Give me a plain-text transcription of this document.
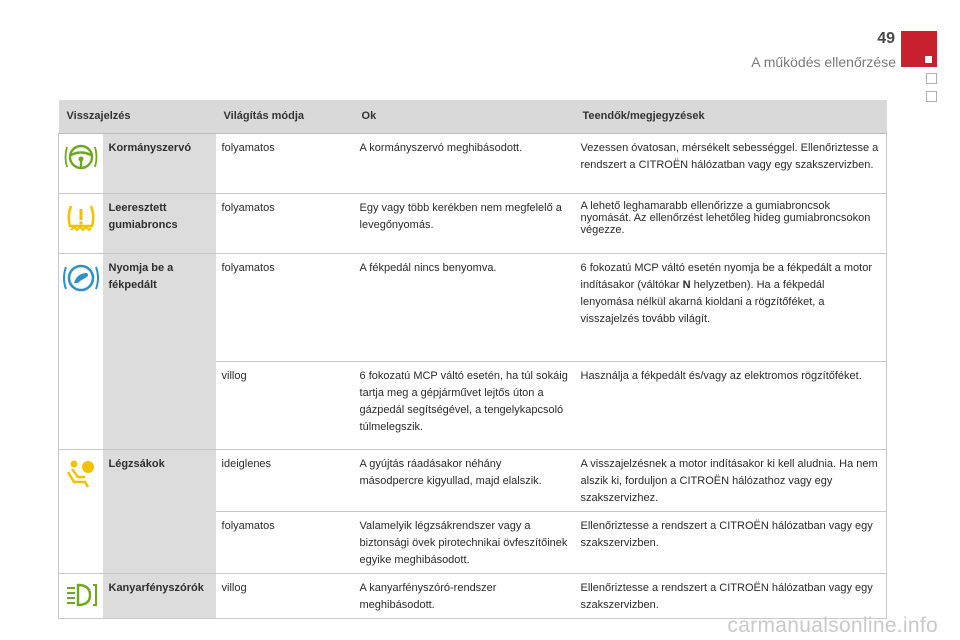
49
A működés ellenőrzése
Visszajelzés		Világítás módja	Ok	Teendők/megjegyzések
	Kormányszervó	folyamatos	A kormányszervó meghibásodott.	Vezessen óvatosan, mérsékelt sebességgel. Ellenőriztesse a rendszert a CITROËN hálózatban vagy egy szakszervizben.
	Leeresztett gumiabroncs	folyamatos	Egy vagy több kerékben nem megfelelő a levegőnyomás.	A lehető leghamarabb ellenőrizze a gumiabroncsok nyomását. Az ellenőrzést lehetőleg hideg gumiabroncsokon végezze.
	Nyomja be a fékpedált	folyamatos	A fékpedál nincs benyomva.	6 fokozatú MCP váltó esetén nyomja be a fékpedált a motor indításakor (váltókar N helyzetben). Ha a fékpedál lenyomása nélkül akarná kioldani a rögzítőféket, a visszajelzés tovább világít.
		villog	6 fokozatú MCP váltó esetén, ha túl sokáig tartja meg a gépjárművet lejtős úton a gázpedál segítségével, a tengelykapcsoló túlmelegszik.	Használja a fékpedált és/vagy az elektromos rögzítőféket.
	Légzsákok	ideiglenes	A gyújtás ráadásakor néhány másodpercre kigyullad, majd elalszik.	A visszajelzésnek a motor indításakor ki kell aludnia. Ha nem alszik ki, forduljon a CITROËN hálózathoz vagy egy szakszervizhez.
		folyamatos	Valamelyik légzsákrendszer vagy a biztonsági övek pirotechnikai övfeszítőinek egyike meghibásodott.	Ellenőriztesse a rendszert a CITROËN hálózatban vagy egy szakszervizben.
	Kanyarfényszórók	villog	A kanyarfényszóró-rendszer meghibásodott.	Ellenőriztesse a rendszert a CITROËN hálózatban vagy egy szakszervizben.
carmanualsonline.info
